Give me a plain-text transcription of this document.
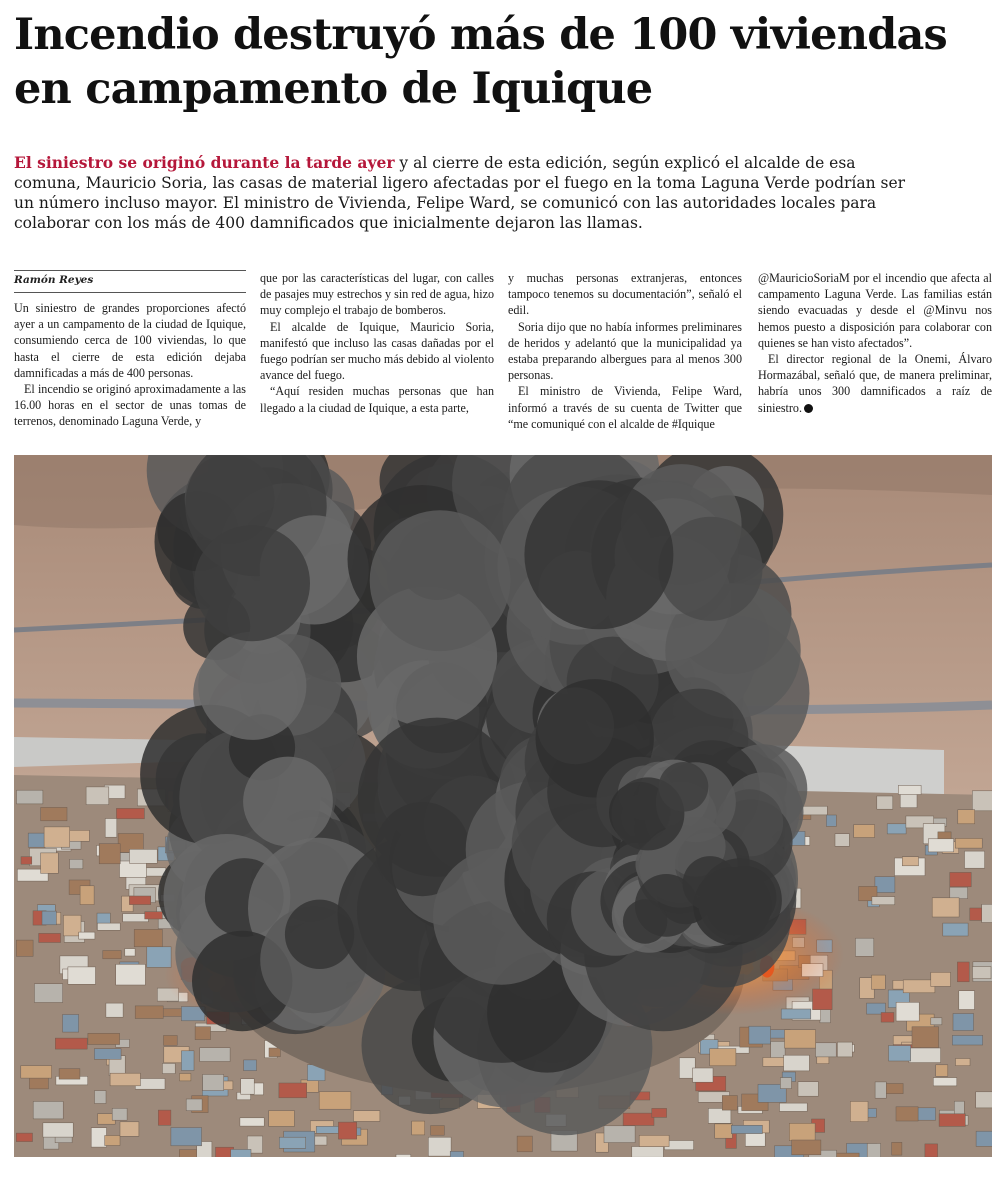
Incendio destruyó más de 100 viviendas en campamento de Iquique

El siniestro se originó durante la tarde ayer y al cierre de esta edición, según explicó el alcalde de esa comuna, Mauricio Soria, las casas de material ligero afectadas por el fuego en la toma Laguna Verde podrían ser un número incluso mayor. El ministro de Vivienda, Felipe Ward, se comunicó con las autoridades locales para colaborar con los más de 400 damnificados que inicialmente dejaron las llamas.

Ramón Reyes

Un siniestro de grandes proporciones afectó ayer a un campamento de la ciudad de Iquique, consumiendo cerca de 100 viviendas, lo que hasta el cierre de esta edición dejaba damnificadas a más de 400 personas.

El incendio se originó aproximadamente a las 16.00 horas en el sector de unas tomas de terrenos, denominado Laguna Verde, y

que por las características del lugar, con calles de pasajes muy estrechos y sin red de agua, hizo muy complejo el trabajo de bomberos.

El alcalde de Iquique, Mauricio Soria, manifestó que incluso las casas dañadas por el fuego podrían ser mucho más debido al violento avance del fuego.

“Aquí residen muchas personas que han llegado a la ciudad de Iquique, a esta parte,

y muchas personas extranjeras, entonces tampoco tenemos su documentación”, señaló el edil.

Soria dijo que no había informes preliminares de heridos y adelantó que la municipalidad ya estaba preparando albergues para al menos 300 personas.

El ministro de Vivienda, Felipe Ward, informó a través de su cuenta de Twitter que “me comuniqué con el alcalde de #Iquique

@MauricioSoriaM por el incendio que afecta al campamento Laguna Verde. Las familias están siendo evacuadas y desde el @Minvu nos hemos puesto a disposición para colaborar con quienes se han visto afectados”.

El director regional de la Onemi, Álvaro Hormazábal, señaló que, de manera preliminar, habría unos 300 damnificados a raíz de siniestro.
